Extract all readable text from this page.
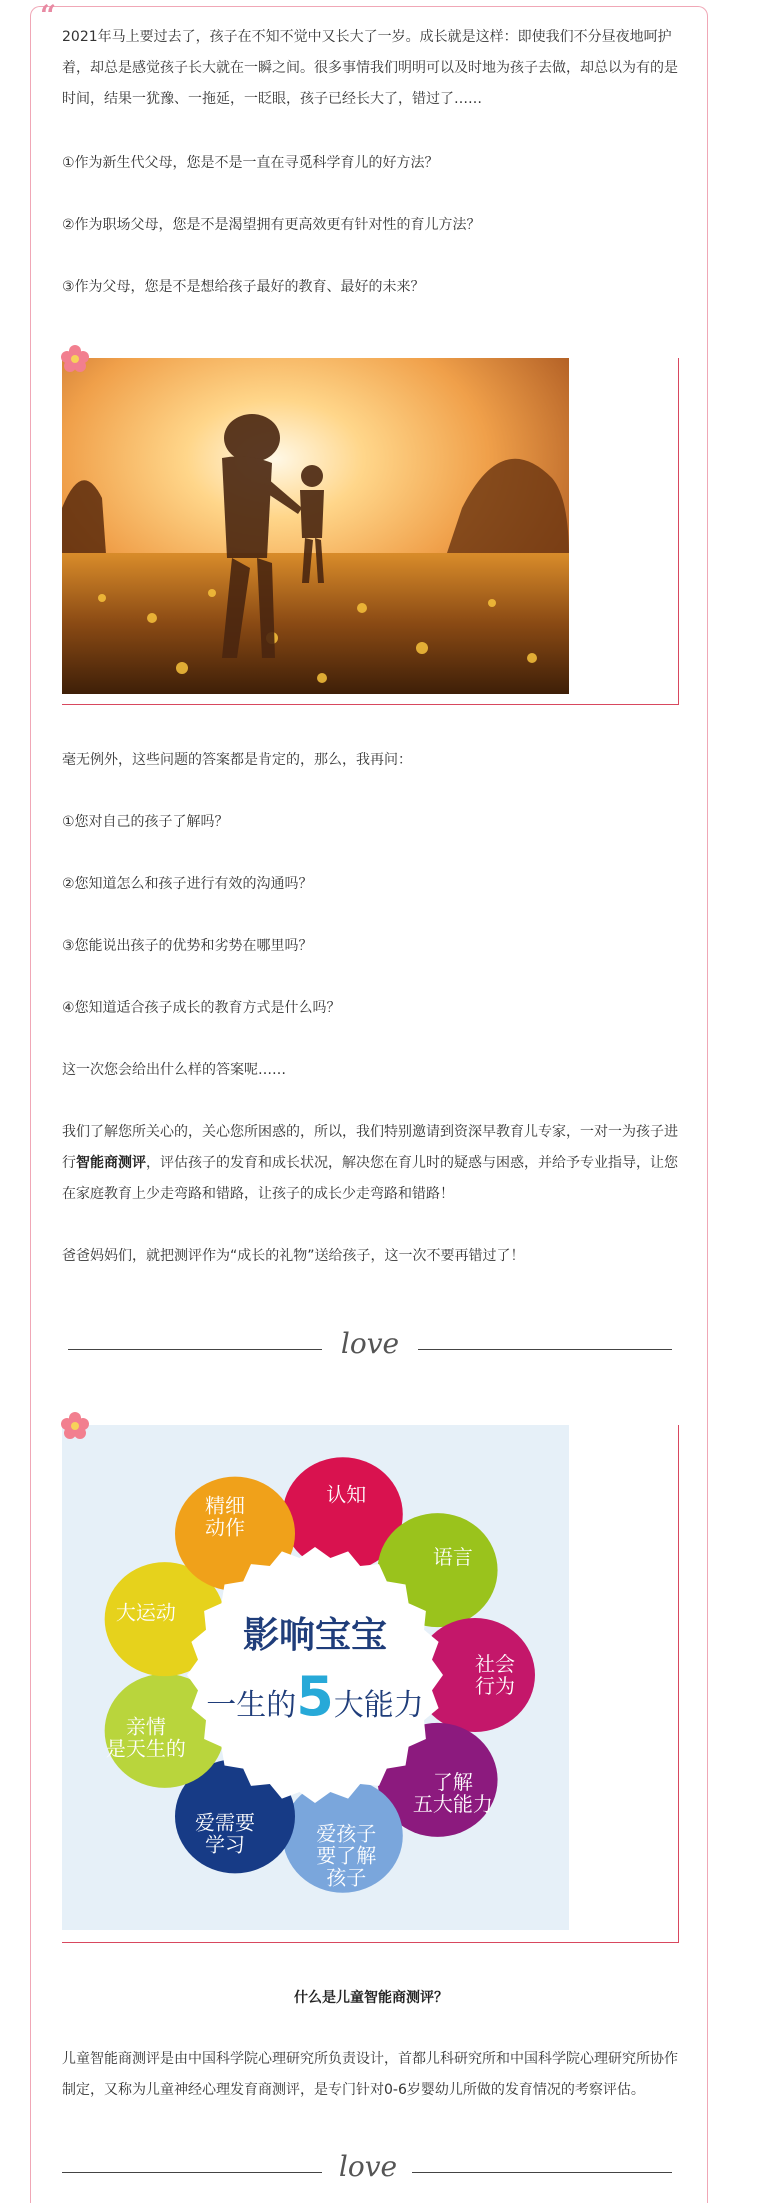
“

2021年马上要过去了，孩子在不知不觉中又长大了一岁。成长就是这样：即使我们不分昼夜地呵护着，却总是感觉孩子长大就在一瞬之间。很多事情我们明明可以及时地为孩子去做，却总以为有的是时间，结果一犹豫、一拖延，一眨眼，孩子已经长大了，错过了……

①作为新生代父母，您是不是一直在寻觅科学育儿的好方法？

②作为职场父母，您是不是渴望拥有更高效更有针对性的育儿方法？

③作为父母，您是不是想给孩子最好的教育、最好的未来？

毫无例外，这些问题的答案都是肯定的，那么，我再问：

①您对自己的孩子了解吗？

②您知道怎么和孩子进行有效的沟通吗？

③您能说出孩子的优势和劣势在哪里吗？

④您知道适合孩子成长的教育方式是什么吗？

这一次您会给出什么样的答案呢……

我们了解您所关心的，关心您所困惑的，所以，我们特别邀请到资深早教育儿专家，一对一为孩子进行智能商测评，评估孩子的发育和成长状况，解决您在育儿时的疑惑与困惑，并给予专业指导，让您在家庭教育上少走弯路和错路，让孩子的成长少走弯路和错路！

爸爸妈妈们，就把测评作为“成长的礼物”送给孩子，这一次不要再错过了！

love
认知
语言
社会
行为
了解
五大能力
爱孩子
要了解
孩子
爱需要
学习
亲情
是天生的
大运动
精细
动作
影响宝宝
一生的5大能力
什么是儿童智能商测评？

儿童智能商测评是由中国科学院心理研究所负责设计，首都儿科研究所和中国科学院心理研究所协作制定，又称为儿童神经心理发育商测评，是专门针对0-6岁婴幼儿所做的发育情况的考察评估。

love
